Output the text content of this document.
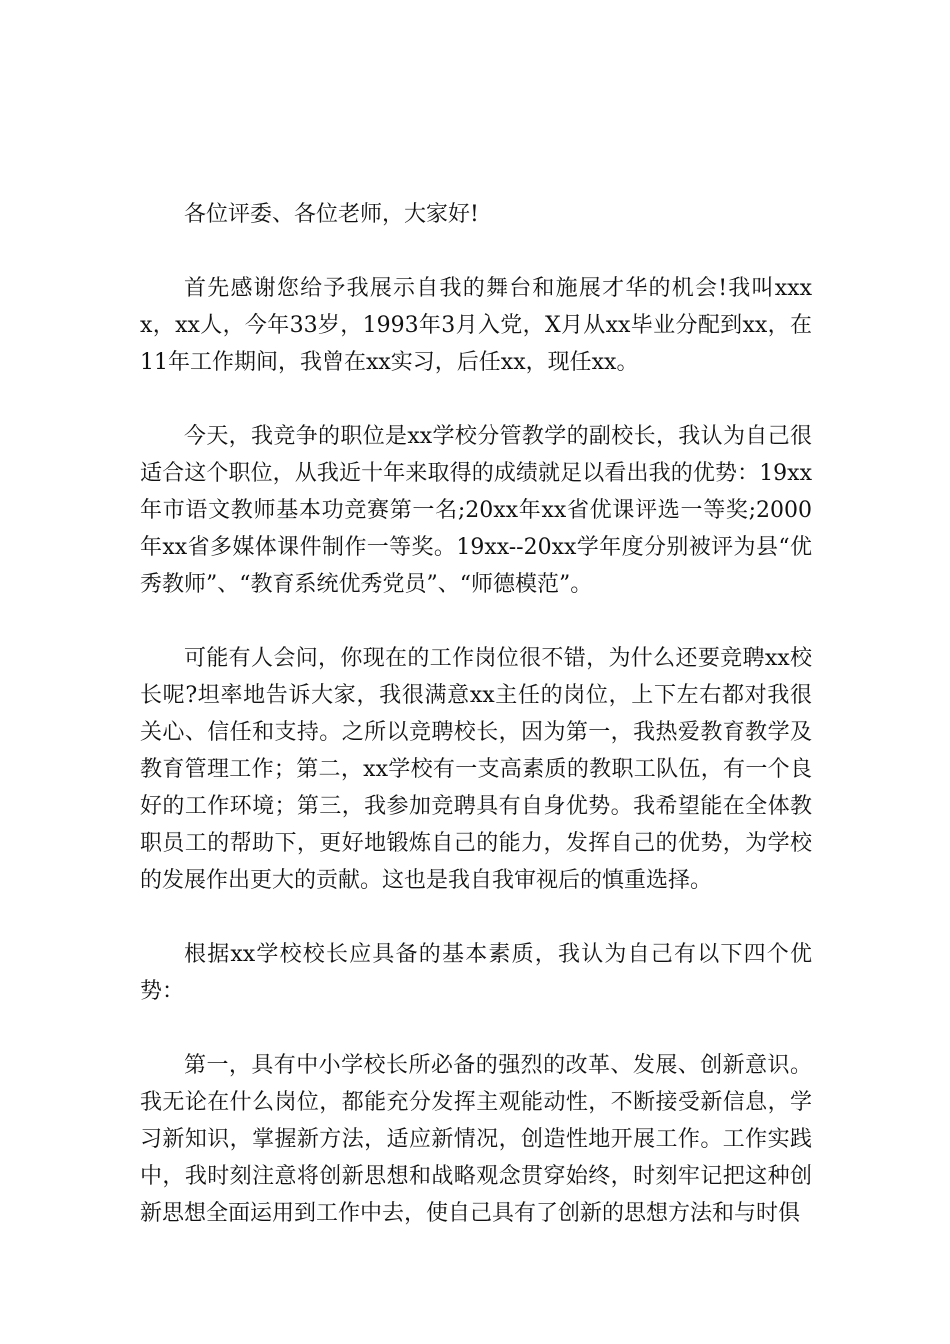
各位评委、各位老师，大家好!

首先感谢您给予我展示自我的舞台和施展才华的机会!我叫xxxx，xx人，今年33岁，1993年3月入党，X月从xx毕业分配到xx，在11年工作期间，我曾在xx实习，后任xx，现任xx。

今天，我竞争的职位是xx学校分管教学的副校长，我认为自己很适合这个职位，从我近十年来取得的成绩就足以看出我的优势：19xx年市语文教师基本功竞赛第一名;20xx年xx省优课评选一等奖;2000年xx省多媒体课件制作一等奖。19xx--20xx学年度分别被评为县“优秀教师”、“教育系统优秀党员”、“师德模范”。

可能有人会问，你现在的工作岗位很不错，为什么还要竞聘xx校长呢?坦率地告诉大家，我很满意xx主任的岗位，上下左右都对我很关心、信任和支持。之所以竞聘校长，因为第一，我热爱教育教学及教育管理工作；第二，xx学校有一支高素质的教职工队伍，有一个良好的工作环境；第三，我参加竞聘具有自身优势。我希望能在全体教职员工的帮助下，更好地锻炼自己的能力，发挥自己的优势，为学校的发展作出更大的贡献。这也是我自我审视后的慎重选择。

根据xx学校校长应具备的基本素质，我认为自己有以下四个优势：

第一，具有中小学校长所必备的强烈的改革、发展、创新意识。我无论在什么岗位，都能充分发挥主观能动性，不断接受新信息，学习新知识，掌握新方法，适应新情况，创造性地开展工作。工作实践中，我时刻注意将创新思想和战略观念贯穿始终，时刻牢记把这种创新思想全面运用到工作中去，使自己具有了创新的思想方法和与时俱
